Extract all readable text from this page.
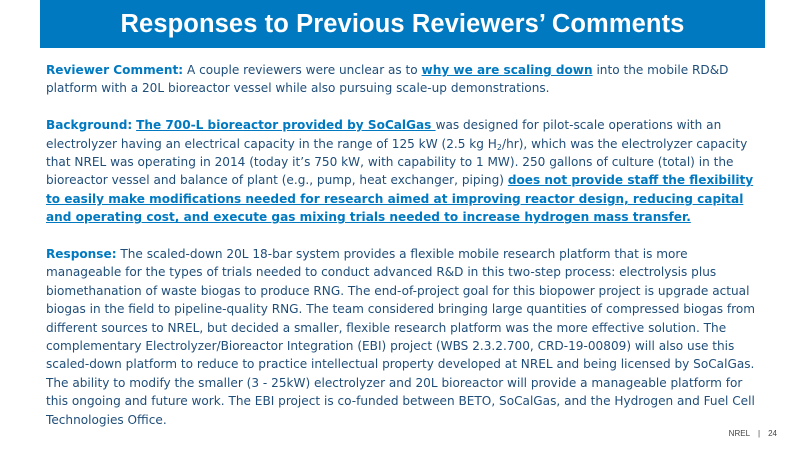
Responses to Previous Reviewers’ Comments

Reviewer Comment: A couple reviewers were unclear as to why we are scaling down into the mobile RD&D platform with a 20L bioreactor vessel while also pursuing scale-up demonstrations.

Background: The 700-L bioreactor provided by SoCalGas was designed for pilot-scale operations with an electrolyzer having an electrical capacity in the range of 125 kW (2.5 kg $H_2/hr$), which was the electrolyzer capacity that NREL was operating in 2014 (today it’s 750 kW, with capability to 1 MW). 250 gallons of culture (total) in the bioreactor vessel and balance of plant (e.g., pump, heat exchanger, piping) does not provide staff the flexibility to easily make modifications needed for research aimed at improving reactor design, reducing capital and operating cost, and execute gas mixing trials needed to increase hydrogen mass transfer.

Response: The scaled-down 20L 18-bar system provides a flexible mobile research platform that is more manageable for the types of trials needed to conduct advanced R&D in this two-step process: electrolysis plus biomethanation of waste biogas to produce RNG. The end-of-project goal for this biopower project is upgrade actual biogas in the field to pipeline-quality RNG. The team considered bringing large quantities of compressed biogas from different sources to NREL, but decided a smaller, flexible research platform was the more effective solution. The complementary Electrolyzer/Bioreactor Integration (EBI) project (WBS 2.3.2.700, CRD-19-00809) will also use this scaled-down platform to reduce to practice intellectual property developed at NREL and being licensed by SoCalGas. The ability to modify the smaller (3 - 25kW) electrolyzer and 20L bioreactor will provide a manageable platform for this ongoing and future work. The EBI project is co-funded between BETO, SoCalGas, and the Hydrogen and Fuel Cell Technologies Office.

NREL | 24
